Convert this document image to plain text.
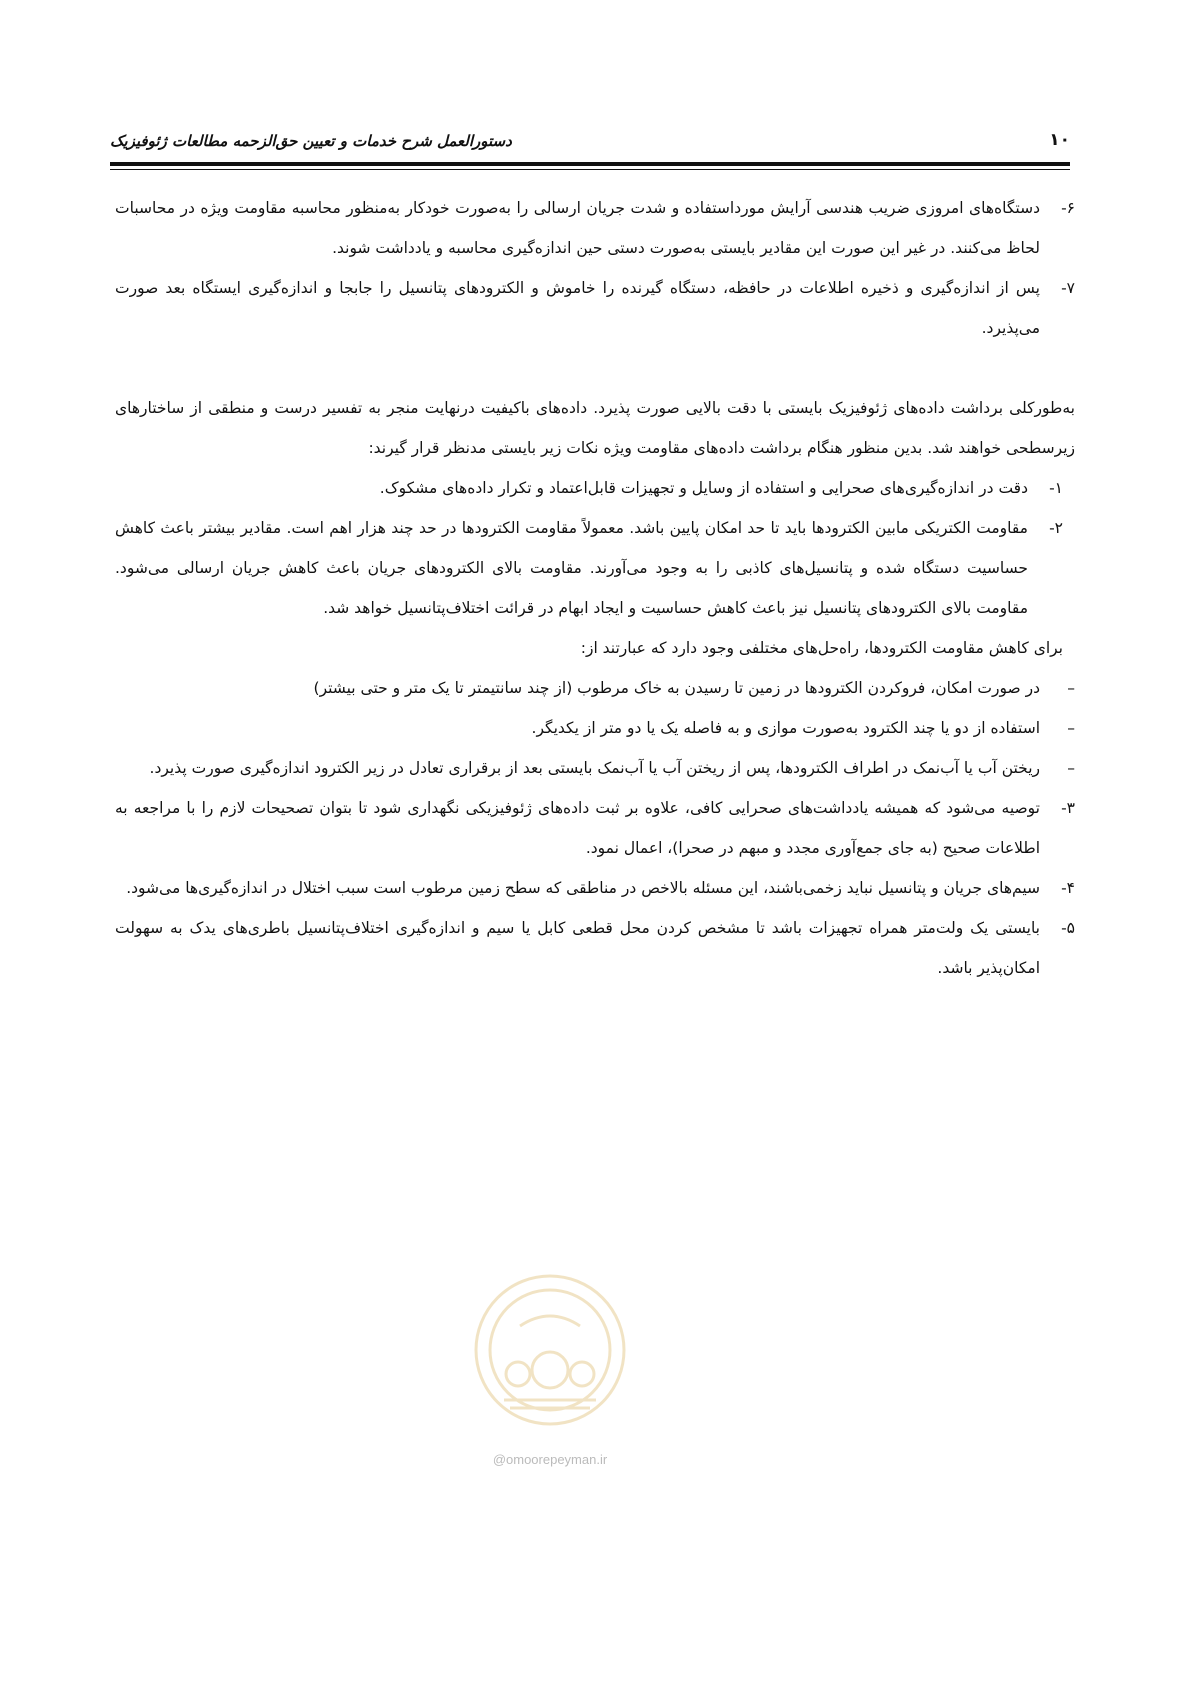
۱۰
دستورالعمل شرح خدمات و تعیین حق‌الزحمه مطالعات ژئوفیزیک
۶-
دستگاه‌های امروزی ضریب هندسی آرایش مورداستفاده و شدت جریان ارسالی را به‌صورت خودکار به‌منظور محاسبه مقاومت ویژه در محاسبات لحاظ می‌کنند. در غیر این صورت این مقادیر بایستی به‌صورت دستی حین اندازه‌گیری محاسبه و یادداشت شوند.
۷-
پس از اندازه‌گیری و ذخیره اطلاعات در حافظه، دستگاه گیرنده را خاموش و الکترودهای پتانسیل را جابجا و اندازه‌گیری ایستگاه بعد صورت می‌پذیرد.

به‌طورکلی برداشت داده‌های ژئوفیزیک بایستی با دقت بالایی صورت پذیرد. داده‌های باکیفیت درنهایت منجر به تفسیر درست و منطقی از ساختارهای زیرسطحی خواهند شد. بدین منظور هنگام برداشت داده‌های مقاومت ویژه نکات زیر بایستی مدنظر قرار گیرند:

۱-
دقت در اندازه‌گیری‌های صحرایی و استفاده از وسایل و تجهیزات قابل‌اعتماد و تکرار داده‌های مشکوک.
۲-
مقاومت الکتریکی مابین الکترودها باید تا حد امکان پایین باشد. معمولاً مقاومت الکترودها در حد چند هزار اهم است. مقادیر بیشتر باعث کاهش حساسیت دستگاه شده و پتانسیل‌های کاذبی را به وجود می‌آورند. مقاومت بالای الکترودهای جریان باعث کاهش جریان ارسالی می‌شود. مقاومت بالای الکترودهای پتانسیل نیز باعث کاهش حساسیت و ایجاد ابهام در قرائت اختلاف‌پتانسیل خواهد شد.
برای کاهش مقاومت الکترودها، راه‌حل‌های مختلفی وجود دارد که عبارتند از:
–
در صورت امکان، فروکردن الکترودها در زمین تا رسیدن به خاک مرطوب (از چند سانتیمتر تا یک متر و حتی بیشتر)
–
استفاده از دو یا چند الکترود به‌صورت موازی و به فاصله یک یا دو متر از یکدیگر.
–
ریختن آب یا آب‌نمک در اطراف الکترودها، پس از ریختن آب یا آب‌نمک بایستی بعد از برقراری تعادل در زیر الکترود اندازه‌گیری صورت پذیرد.
۳-
توصیه می‌شود که همیشه یادداشت‌های صحرایی کافی، علاوه بر ثبت داده‌های ژئوفیزیکی نگهداری شود تا بتوان تصحیحات لازم را با مراجعه به اطلاعات صحیح (به جای جمع‌آوری مجدد و مبهم در صحرا)، اعمال نمود.
۴-
سیم‌های جریان و پتانسیل نباید زخمی‌باشند، این مسئله بالاخص در مناطقی که سطح زمین مرطوب است سبب اختلال در اندازه‌گیری‌ها می‌شود.
۵-
بایستی یک ولت‌متر همراه تجهیزات باشد تا مشخص کردن محل قطعی کابل یا سیم و اندازه‌گیری اختلاف‌پتانسیل باطری‌های یدک به سهولت امکان‌پذیر باشد.
@omoorepeyman.ir
